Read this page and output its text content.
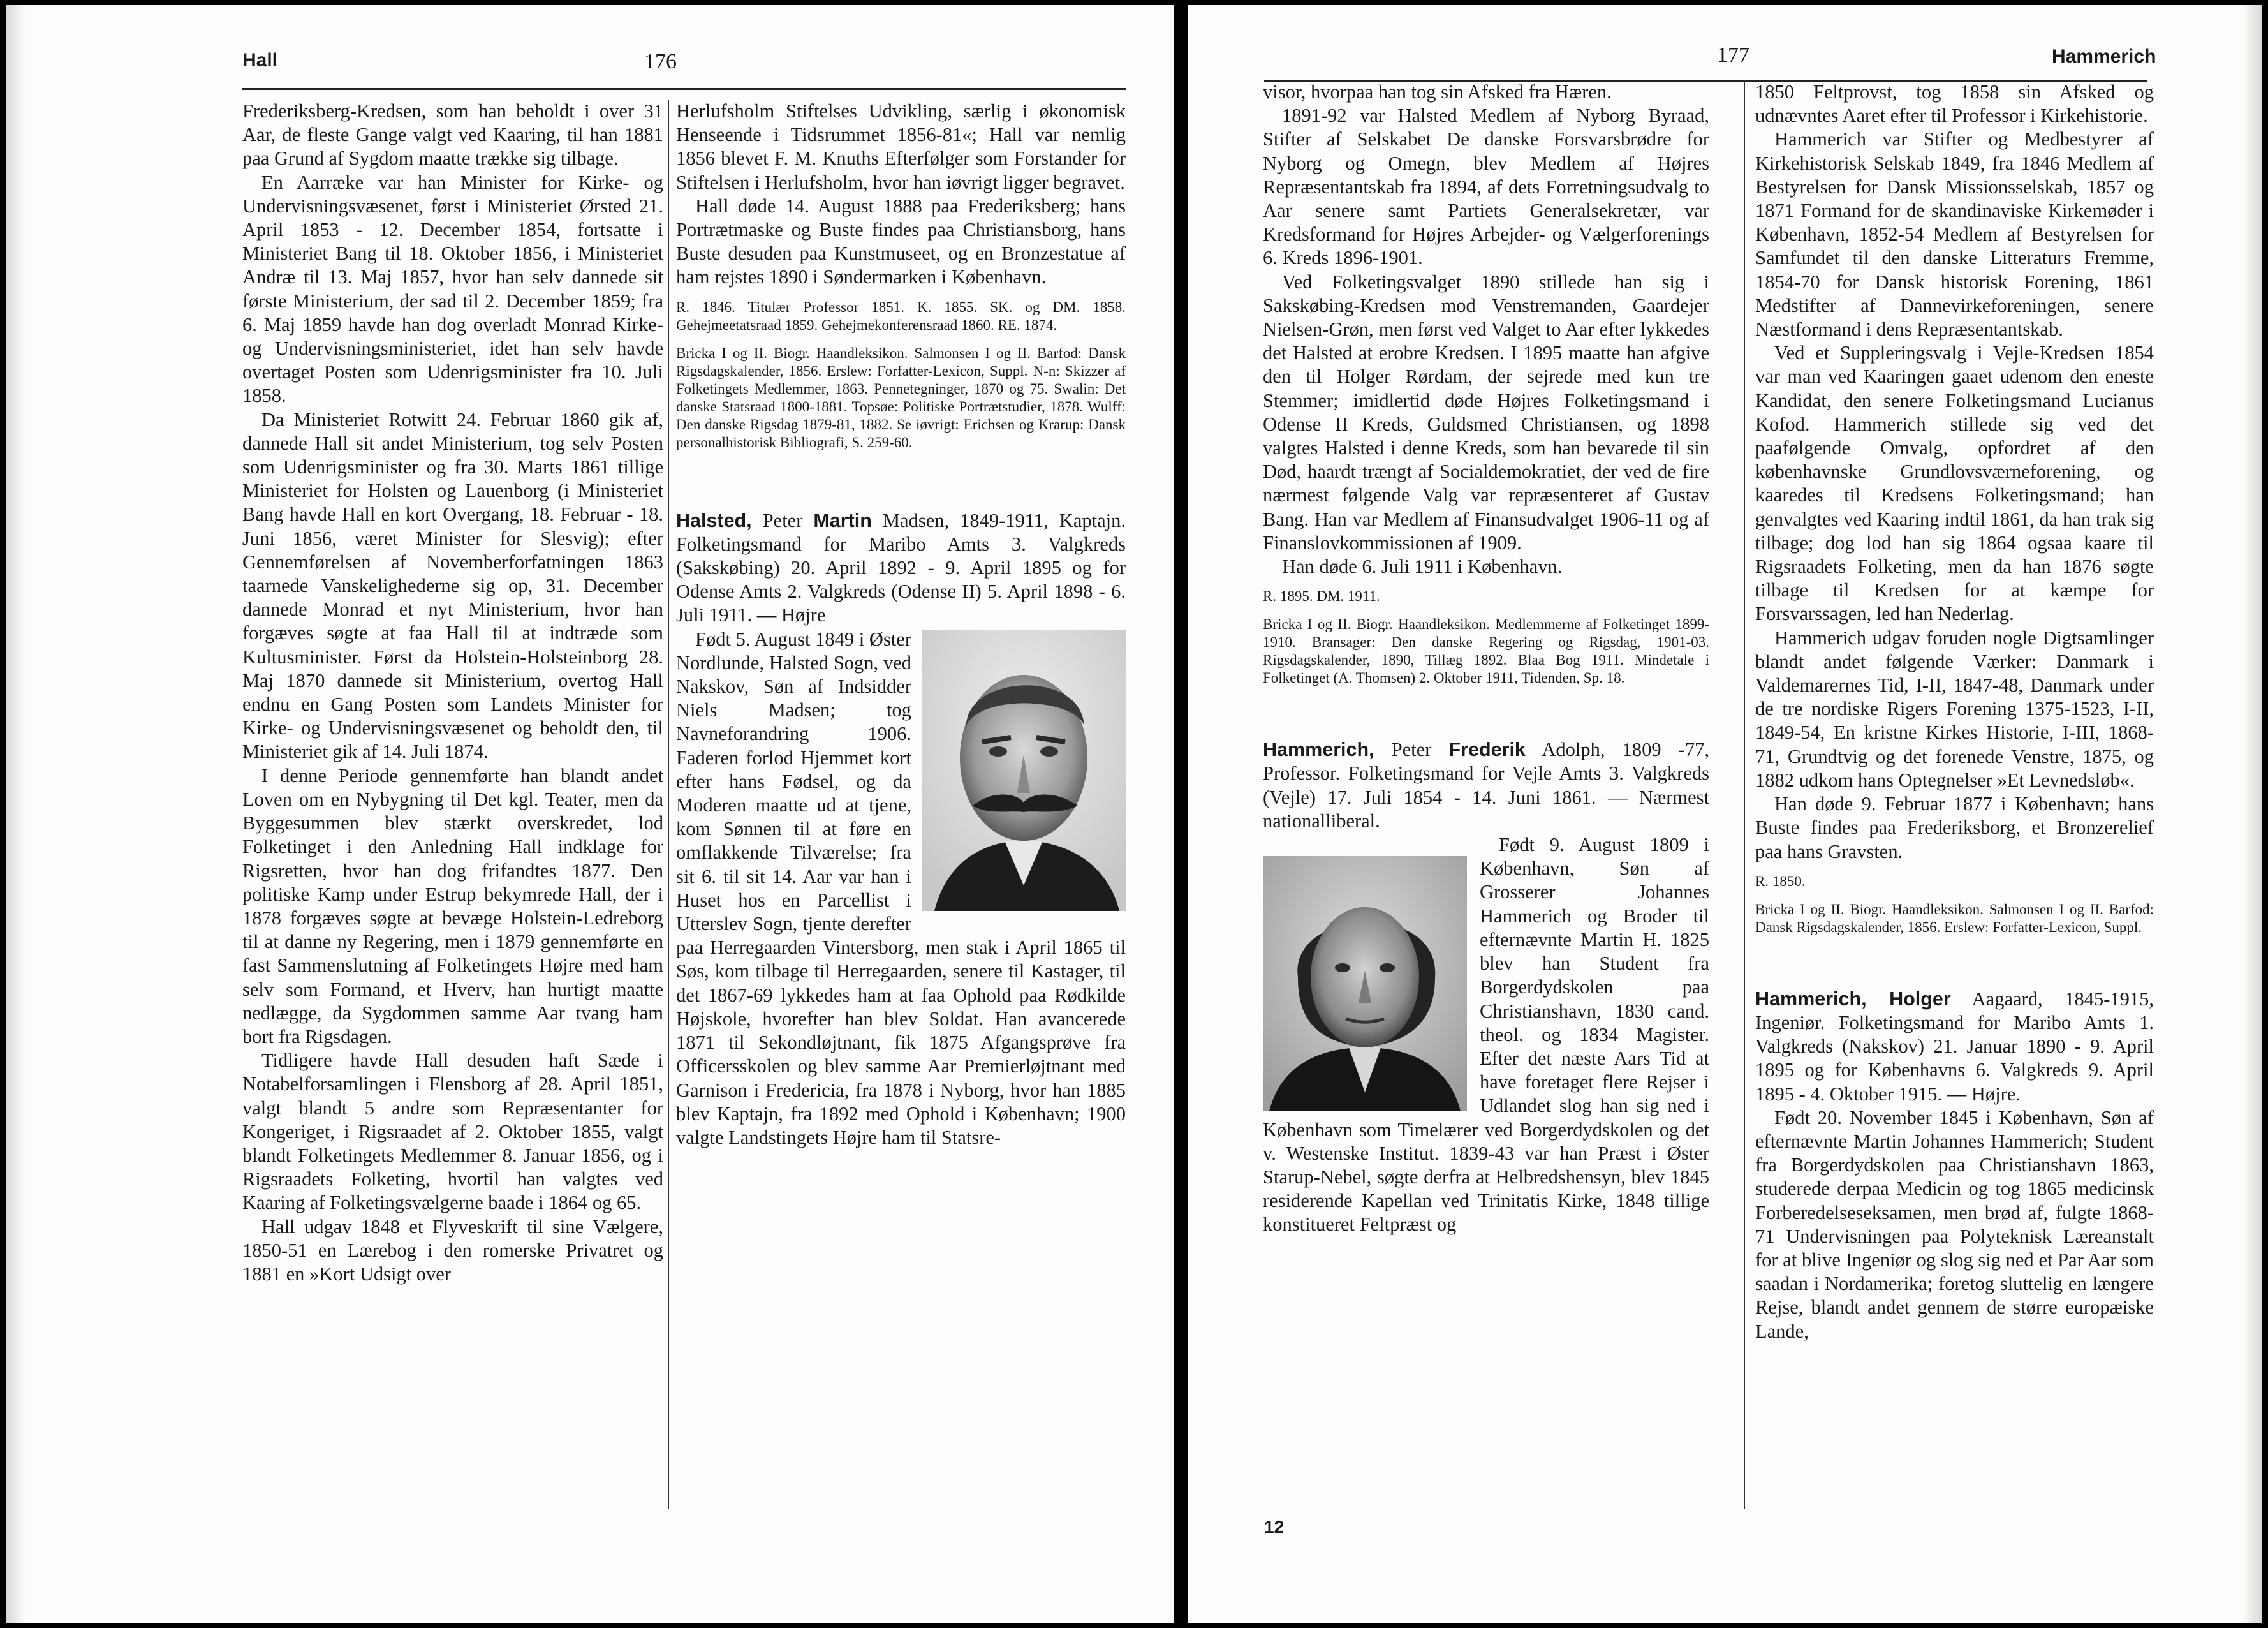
Hall	176

Frederiksberg-Kredsen, som han beholdt i over 31 Aar, de fleste Gange valgt ved Kaaring, til han 1881 paa Grund af Sygdom maatte trække sig tilbage.

En Aarræke var han Minister for Kirke- og Undervisningsvæsenet, først i Ministeriet Ørsted 21. April 1853 - 12. December 1854, fortsatte i Ministeriet Bang til 18. Oktober 1856, i Ministeriet Andræ til 13. Maj 1857, hvor han selv dannede sit første Ministerium, der sad til 2. December 1859; fra 6. Maj 1859 havde han dog overladt Monrad Kirke- og Undervisningsministeriet, idet han selv havde overtaget Posten som Udenrigsminister fra 10. Juli 1858.

Da Ministeriet Rotwitt 24. Februar 1860 gik af, dannede Hall sit andet Ministerium, tog selv Posten som Udenrigsminister og fra 30. Marts 1861 tillige Ministeriet for Holsten og Lauenborg (i Ministeriet Bang havde Hall en kort Overgang, 18. Februar - 18. Juni 1856, været Minister for Slesvig); efter Gennemførelsen af Novemberforfatningen 1863 taarnede Vanskelighederne sig op, 31. December dannede Monrad et nyt Ministerium, hvor han forgæves søgte at faa Hall til at indtræde som Kultusminister. Først da Holstein-Holsteinborg 28. Maj 1870 dannede sit Ministerium, overtog Hall endnu en Gang Posten som Landets Minister for Kirke- og Undervisningsvæsenet og beholdt den, til Ministeriet gik af 14. Juli 1874.

I denne Periode gennemførte han blandt andet Loven om en Nybygning til Det kgl. Teater, men da Byggesummen blev stærkt overskredet, lod Folketinget i den Anledning Hall indklage for Rigsretten, hvor han dog frifandtes 1877. Den politiske Kamp under Estrup bekymrede Hall, der i 1878 forgæves søgte at bevæge Holstein-Ledreborg til at danne ny Regering, men i 1879 gennemførte en fast Sammenslutning af Folketingets Højre med ham selv som Formand, et Hverv, han hurtigt maatte nedlægge, da Sygdommen samme Aar tvang ham bort fra Rigsdagen.

Tidligere havde Hall desuden haft Sæde i Notabelforsamlingen i Flensborg af 28. April 1851, valgt blandt 5 andre som Repræsentanter for Kongeriget, i Rigsraadet af 2. Oktober 1855, valgt blandt Folketingets Medlemmer 8. Januar 1856, og i Rigsraadets Folketing, hvortil han valgtes ved Kaaring af Folketingsvælgerne baade i 1864 og 65.

Hall udgav 1848 et Flyveskrift til sine Vælgere, 1850-51 en Lærebog i den romerske Privatret og 1881 en »Kort Udsigt over

Herlufsholm Stiftelses Udvikling, særlig i økonomisk Henseende i Tidsrummet 1856-81«; Hall var nemlig 1856 blevet F. M. Knuths Efterfølger som Forstander for Stiftelsen i Herlufsholm, hvor han iøvrigt ligger begravet.

Hall døde 14. August 1888 paa Frederiksberg; hans Portrætmaske og Buste findes paa Christiansborg, hans Buste desuden paa Kunstmuseet, og en Bronzestatue af ham rejstes 1890 i Søndermarken i København.

R. 1846. Titulær Professor 1851. K. 1855. SK. og DM. 1858. Gehejmeetatsraad 1859. Gehejmekonferensraad 1860. RE. 1874.

Bricka I og II. Biogr. Haandleksikon. Salmonsen I og II. Barfod: Dansk Rigsdagskalender, 1856. Erslew: Forfatter-Lexicon, Suppl. N-n: Skizzer af Folketingets Medlemmer, 1863. Pennetegninger, 1870 og 75. Swalin: Det danske Statsraad 1800-1881. Topsøe: Politiske Portrætstudier, 1878. Wulff: Den danske Rigsdag 1879-81, 1882. Se iøvrigt: Erichsen og Krarup: Dansk personalhistorisk Bibliografi, S. 259-60.

Halsted, Peter Martin Madsen, 1849-1911, Kaptajn. Folketingsmand for Maribo Amts 3. Valgkreds (Sakskøbing) 20. April 1892 - 9. April 1895 og for Odense Amts 2. Valgkreds (Odense II) 5. April 1898 - 6. Juli 1911. — Højre

Født 5. August 1849 i Øster Nordlunde, Halsted Sogn, ved Nakskov, Søn af Indsidder Niels Madsen; tog Navneforandring 1906. Faderen forlod Hjemmet kort efter hans Fødsel, og da Moderen maatte ud at tjene, kom Sønnen til at føre en omflakkende Tilværelse; fra sit 6. til sit 14. Aar var han i Huset hos en Parcellist i Utterslev Sogn, tjente derefter paa Herregaarden Vintersborg, men stak i April 1865 til Søs, kom tilbage til Herregaarden, senere til Kastager, til det 1867-69 lykkedes ham at faa Ophold paa Rødkilde Højskole, hvorefter han blev Soldat. Han avancerede 1871 til Sekondløjtnant, fik 1875 Afgangsprøve fra Officersskolen og blev samme Aar Premierløjtnant med Garnison i Fredericia, fra 1878 i Nyborg, hvor han 1885 blev Kaptajn, fra 1892 med Ophold i København; 1900 valgte Landstingets Højre ham til Statsre-

177	Hammerich

visor, hvorpaa han tog sin Afsked fra Hæren.

1891-92 var Halsted Medlem af Nyborg Byraad, Stifter af Selskabet De danske Forsvarsbrødre for Nyborg og Omegn, blev Medlem af Højres Repræsentantskab fra 1894, af dets Forretningsudvalg to Aar senere samt Partiets Generalsekretær, var Kredsformand for Højres Arbejder- og Vælgerforenings 6. Kreds 1896-1901.

Ved Folketingsvalget 1890 stillede han sig i Sakskøbing-Kredsen mod Venstremanden, Gaardejer Nielsen-Grøn, men først ved Valget to Aar efter lykkedes det Halsted at erobre Kredsen. I 1895 maatte han afgive den til Holger Rørdam, der sejrede med kun tre Stemmer; imidlertid døde Højres Folketingsmand i Odense II Kreds, Guldsmed Christiansen, og 1898 valgtes Halsted i denne Kreds, som han bevarede til sin Død, haardt trængt af Socialdemokratiet, der ved de fire nærmest følgende Valg var repræsenteret af Gustav Bang. Han var Medlem af Finansudvalget 1906-11 og af Finanslovkommissionen af 1909.

Han døde 6. Juli 1911 i København.

R. 1895. DM. 1911.

Bricka I og II. Biogr. Haandleksikon. Medlemmerne af Folketinget 1899-1910. Bransager: Den danske Regering og Rigsdag, 1901-03. Rigsdagskalender, 1890, Tillæg 1892. Blaa Bog 1911. Mindetale i Folketinget (A. Thomsen) 2. Oktober 1911, Tidenden, Sp. 18.

Hammerich, Peter Frederik Adolph, 1809 -77, Professor. Folketingsmand for Vejle Amts 3. Valgkreds (Vejle) 17. Juli 1854 - 14. Juni 1861. — Nærmest nationalliberal.

Født 9. August 1809 i København, Søn af Grosserer Johannes Hammerich og Broder til efternævnte Martin H. 1825 blev han Student fra Borgerdydskolen paa Christianshavn, 1830 cand. theol. og 1834 Magister. Efter det næste Aars Tid at have foretaget flere Rejser i Udlandet slog han sig ned i København som Timelærer ved Borgerdydskolen og det v. Westenske Institut. 1839-43 var han Præst i Øster Starup-Nebel, søgte derfra at Helbredshensyn, blev 1845 residerende Kapellan ved Trinitatis Kirke, 1848 tillige konstitueret Feltpræst og

1850 Feltprovst, tog 1858 sin Afsked og udnævntes Aaret efter til Professor i Kirkehistorie.

Hammerich var Stifter og Medbestyrer af Kirkehistorisk Selskab 1849, fra 1846 Medlem af Bestyrelsen for Dansk Missionsselskab, 1857 og 1871 Formand for de skandinaviske Kirkemøder i København, 1852-54 Medlem af Bestyrelsen for Samfundet til den danske Litteraturs Fremme, 1854-70 for Dansk historisk Forening, 1861 Medstifter af Dannevirkeforeningen, senere Næstformand i dens Repræsentantskab.

Ved et Suppleringsvalg i Vejle-Kredsen 1854 var man ved Kaaringen gaaet udenom den eneste Kandidat, den senere Folketingsmand Lucianus Kofod. Hammerich stillede sig ved det paafølgende Omvalg, opfordret af den københavnske Grundlovsværneforening, og kaaredes til Kredsens Folketingsmand; han genvalgtes ved Kaaring indtil 1861, da han trak sig tilbage; dog lod han sig 1864 ogsaa kaare til Rigsraadets Folketing, men da han 1876 søgte tilbage til Kredsen for at kæmpe for Forsvarssagen, led han Nederlag.

Hammerich udgav foruden nogle Digtsamlinger blandt andet følgende Værker: Danmark i Valdemarernes Tid, I-II, 1847-48, Danmark under de tre nordiske Rigers Forening 1375-1523, I-II, 1849-54, En kristne Kirkes Historie, I-III, 1868-71, Grundtvig og det forenede Venstre, 1875, og 1882 udkom hans Optegnelser »Et Levnedsløb«.

Han døde 9. Februar 1877 i København; hans Buste findes paa Frederiksborg, et Bronzerelief paa hans Gravsten.

R. 1850.

Bricka I og II. Biogr. Haandleksikon. Salmonsen I og II. Barfod: Dansk Rigsdagskalender, 1856. Erslew: Forfatter-Lexicon, Suppl.

Hammerich, Holger Aagaard, 1845-1915, Ingeniør. Folketingsmand for Maribo Amts 1. Valgkreds (Nakskov) 21. Januar 1890 - 9. April 1895 og for Københavns 6. Valgkreds 9. April 1895 - 4. Oktober 1915. — Højre.

Født 20. November 1845 i København, Søn af efternævnte Martin Johannes Hammerich; Student fra Borgerdydskolen paa Christianshavn 1863, studerede derpaa Medicin og tog 1865 medicinsk Forberedelseseksamen, men brød af, fulgte 1868-71 Undervisningen paa Polyteknisk Læreanstalt for at blive Ingeniør og slog sig ned et Par Aar som saadan i Nordamerika; foretog sluttelig en længere Rejse, blandt andet gennem de større europæiske Lande,

12
